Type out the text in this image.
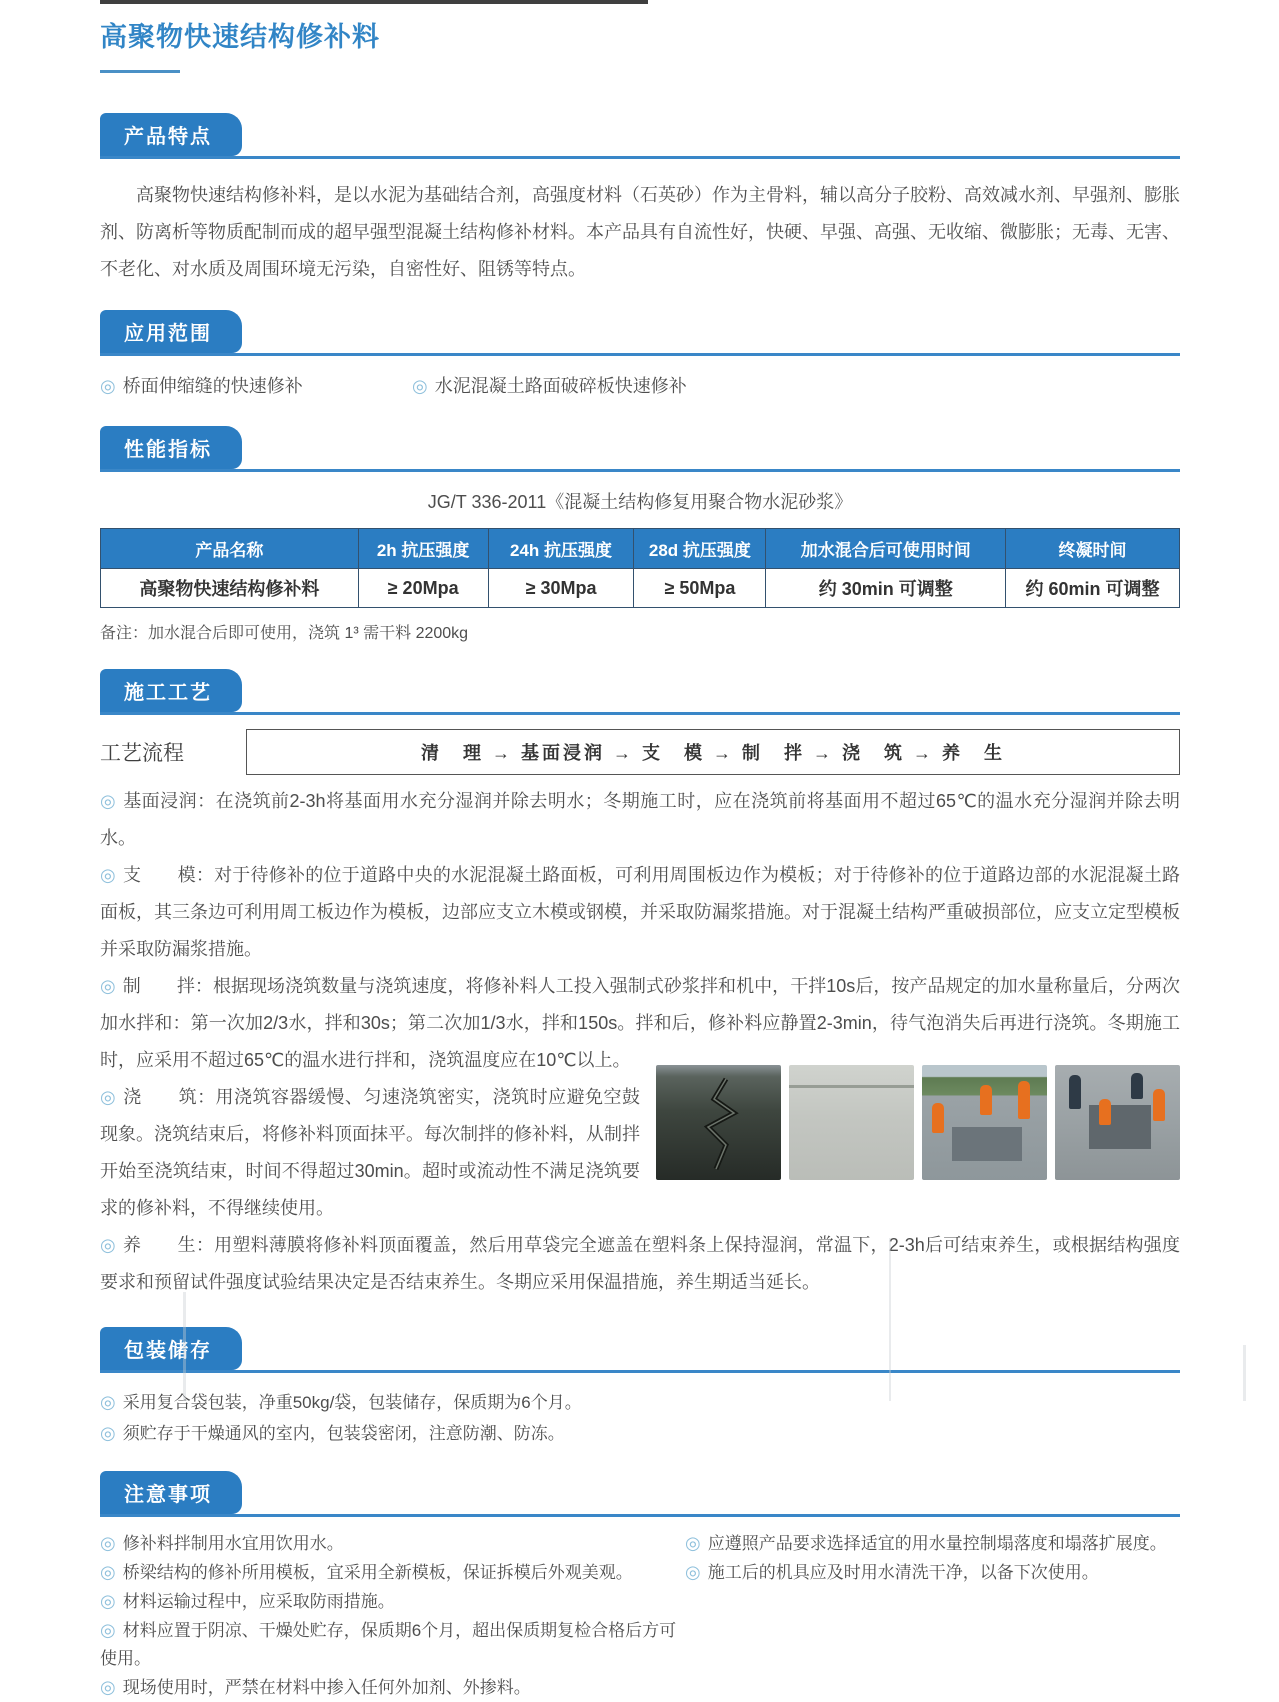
高聚物快速结构修补料
产品特点

高聚物快速结构修补料，是以水泥为基础结合剂，高强度材料（石英砂）作为主骨料，辅以高分子胶粉、高效减水剂、早强剂、膨胀剂、防离析等物质配制而成的超早强型混凝土结构修补材料。本产品具有自流性好，快硬、早强、高强、无收缩、微膨胀；无毒、无害、不老化、对水质及周围环境无污染，自密性好、阻锈等特点。

应用范围
◎ 桥面伸缩缝的快速修补	◎ 水泥混凝土路面破碎板快速修补
性能指标
JG/T 336-2011《混凝土结构修复用聚合物水泥砂浆》
产品名称	2h 抗压强度	24h 抗压强度	28d 抗压强度	加水混合后可使用时间	终凝时间
高聚物快速结构修补料	≥ 20Mpa	≥ 30Mpa	≥ 50Mpa	约 30min 可调整	约 60min 可调整
备注：加水混合后即可使用，浇筑 1³ 需干料 2200kg
施工工艺
工艺流程	清　理 → 基面浸润 → 支　模 → 制　拌 → 浇　筑 → 养　生

◎ 基面浸润：在浇筑前2-3h将基面用水充分湿润并除去明水；冬期施工时，应在浇筑前将基面用不超过65℃的温水充分湿润并除去明水。

◎ 支　　模：对于待修补的位于道路中央的水泥混凝土路面板，可利用周围板边作为模板；对于待修补的位于道路边部的水泥混凝土路面板，其三条边可利用周工板边作为模板，边部应支立木模或钢模，并采取防漏浆措施。对于混凝土结构严重破损部位，应支立定型模板并采取防漏浆措施。

◎ 制　　拌：根据现场浇筑数量与浇筑速度，将修补料人工投入强制式砂浆拌和机中，干拌10s后，按产品规定的加水量称量后，分两次加水拌和：第一次加2/3水，拌和30s；第二次加1/3水，拌和150s。拌和后，修补料应静置2-3min，待气泡消失后再进行浇筑。冬期施工时，应采用不超过65℃的温水进行拌和，浇筑温度应在10℃以上。

◎ 浇　　筑：用浇筑容器缓慢、匀速浇筑密实，浇筑时应避免空鼓现象。浇筑结束后，将修补料顶面抹平。每次制拌的修补料，从制拌开始至浇筑结束，时间不得超过30min。超时或流动性不满足浇筑要求的修补料，不得继续使用。

◎ 养　　生：用塑料薄膜将修补料顶面覆盖，然后用草袋完全遮盖在塑料条上保持湿润，常温下，2-3h后可结束养生，或根据结构强度要求和预留试件强度试验结果决定是否结束养生。冬期应采用保温措施，养生期适当延长。

包装储存
◎ 采用复合袋包装，净重50kg/袋，包装储存，保质期为6个月。
◎ 须贮存于干燥通风的室内，包装袋密闭，注意防潮、防冻。
注意事项
◎ 修补料拌制用水宜用饮用水。
◎ 桥梁结构的修补所用模板，宜采用全新模板，保证拆模后外观美观。
◎ 材料运输过程中，应采取防雨措施。
◎ 材料应置于阴凉、干燥处贮存，保质期6个月，超出保质期复检合格后方可使用。
◎ 现场使用时，严禁在材料中掺入任何外加剂、外掺料。
◎ 应遵照产品要求选择适宜的用水量控制塌落度和塌落扩展度。
◎ 施工后的机具应及时用水清洗干净，以备下次使用。
